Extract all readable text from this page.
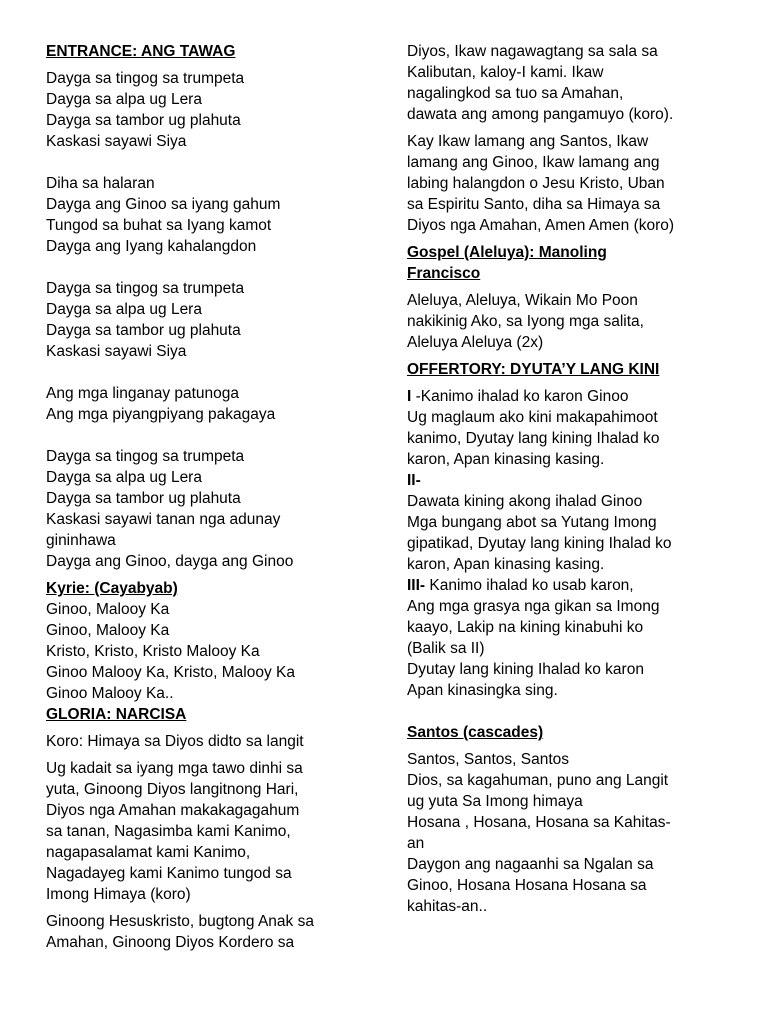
ENTRANCE: ANG TAWAG
Dayga sa tingog sa trumpeta
Dayga sa alpa ug Lera
Dayga sa tambor ug plahuta
Kaskasi sayawi Siya
Diha sa halaran
Dayga ang Ginoo sa iyang gahum
Tungod sa buhat sa Iyang kamot
Dayga ang Iyang kahalangdon
Dayga sa tingog sa trumpeta
Dayga sa alpa ug Lera
Dayga sa tambor ug plahuta
Kaskasi sayawi Siya
Ang mga linganay patunoga
Ang mga piyangpiyang pakagaya
Dayga sa tingog sa trumpeta
Dayga sa alpa ug Lera
Dayga sa tambor ug plahuta
Kaskasi sayawi tanan nga adunay
gininhawa
Dayga ang Ginoo, dayga ang Ginoo
Kyrie: (Cayabyab)
Ginoo, Malooy Ka
Ginoo, Malooy Ka
Kristo, Kristo, Kristo Malooy Ka
Ginoo Malooy Ka, Kristo, Malooy Ka
Ginoo Malooy Ka..
GLORIA: NARCISA
Koro: Himaya sa Diyos didto sa langit
Ug kadait sa iyang mga tawo dinhi sa
yuta, Ginoong Diyos langitnong Hari,
Diyos nga Amahan makakagagahum
sa tanan, Nagasimba kami Kanimo,
nagapasalamat kami Kanimo,
Nagadayeg kami Kanimo tungod sa
Imong Himaya (koro)
Ginoong Hesuskristo, bugtong Anak sa
Amahan, Ginoong Diyos Kordero sa
Diyos, Ikaw nagawagtang sa sala sa
Kalibutan, kaloy-I kami. Ikaw
nagalingkod sa tuo sa Amahan,
dawata ang among pangamuyo (koro).
Kay Ikaw lamang ang Santos, Ikaw
lamang ang Ginoo, Ikaw lamang ang
labing halangdon o Jesu Kristo, Uban
sa Espiritu Santo, diha sa Himaya sa
Diyos nga Amahan, Amen Amen (koro)
Gospel (Aleluya): Manoling
Francisco
Aleluya, Aleluya, Wikain Mo Poon
nakikinig Ako, sa Iyong mga salita,
Aleluya Aleluya (2x)
OFFERTORY: DYUTA’Y LANG KINI
I -Kanimo ihalad ko karon Ginoo
Ug maglaum ako kini makapahimoot
kanimo, Dyutay lang kining Ihalad ko
karon, Apan kinasing kasing.
II-
Dawata kining akong ihalad Ginoo
Mga bungang abot sa Yutang Imong
gipatikad, Dyutay lang kining Ihalad ko
karon, Apan kinasing kasing.
III- Kanimo ihalad ko usab karon,
Ang mga grasya nga gikan sa Imong
kaayo, Lakip na kining kinabuhi ko
(Balik sa II)
Dyutay lang kining Ihalad ko karon
Apan kinasingka sing.
Santos (cascades)
Santos, Santos, Santos
Dios, sa kagahuman, puno ang Langit
ug yuta Sa Imong himaya
Hosana , Hosana, Hosana sa Kahitas-
an
Daygon ang nagaanhi sa Ngalan sa
Ginoo, Hosana Hosana Hosana sa
kahitas-an..
